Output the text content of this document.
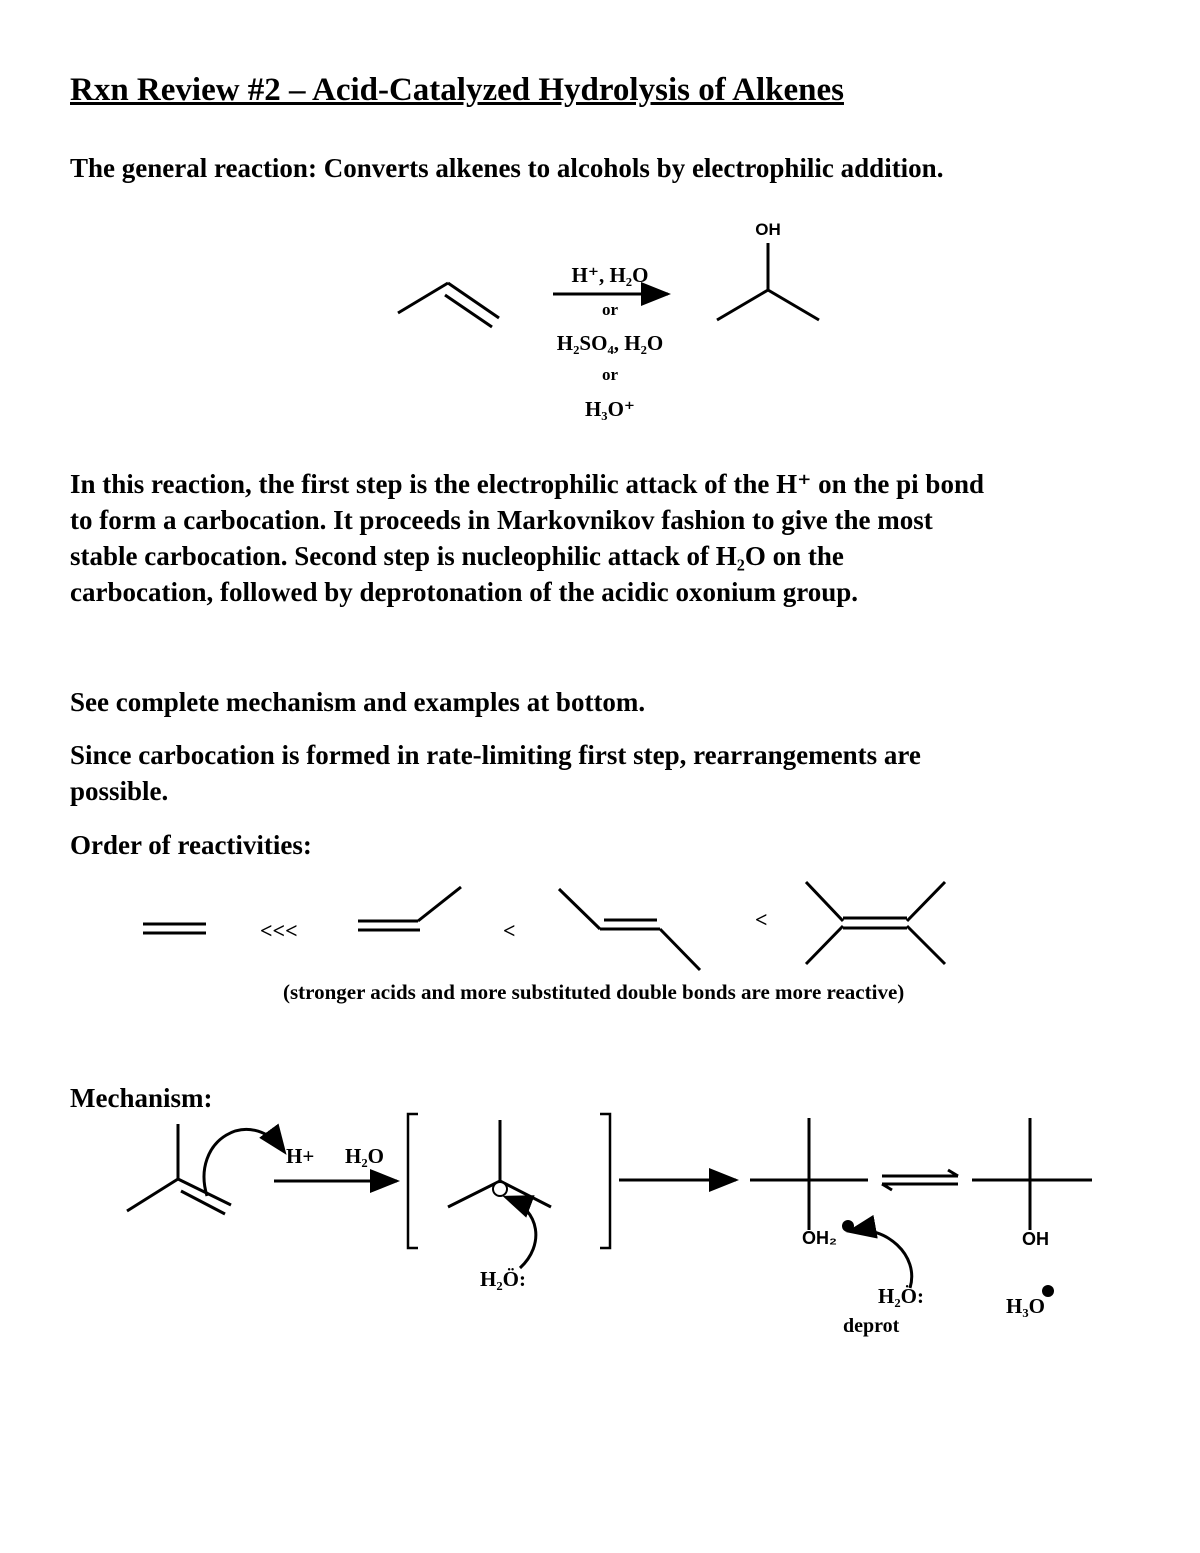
Rxn Review #2 – Acid-Catalyzed Hydrolysis of Alkenes
The general reaction: Converts alkenes to alcohols by electrophilic addition.
H⁺, H₂O
or
H₂SO₄, H₂O
or
H₃O⁺
OH
In this reaction, the first step is the electrophilic attack of the H⁺ on the pi bond
to form a carbocation. It proceeds in Markovnikov fashion to give the most
stable carbocation. Second step is nucleophilic attack of H₂O on the
carbocation, followed by deprotonation of the acidic oxonium group.
See complete mechanism and examples at bottom.
Since carbocation is formed in rate-limiting first step, rearrangements are
possible.
Order of reactivities:
<<<	<	<
(stronger acids and more substituted double bonds are more reactive)
Mechanism:
H+ H₂O
H₂Ö:
OH₂
H₂Ö:
deprot
OH
H₃O
